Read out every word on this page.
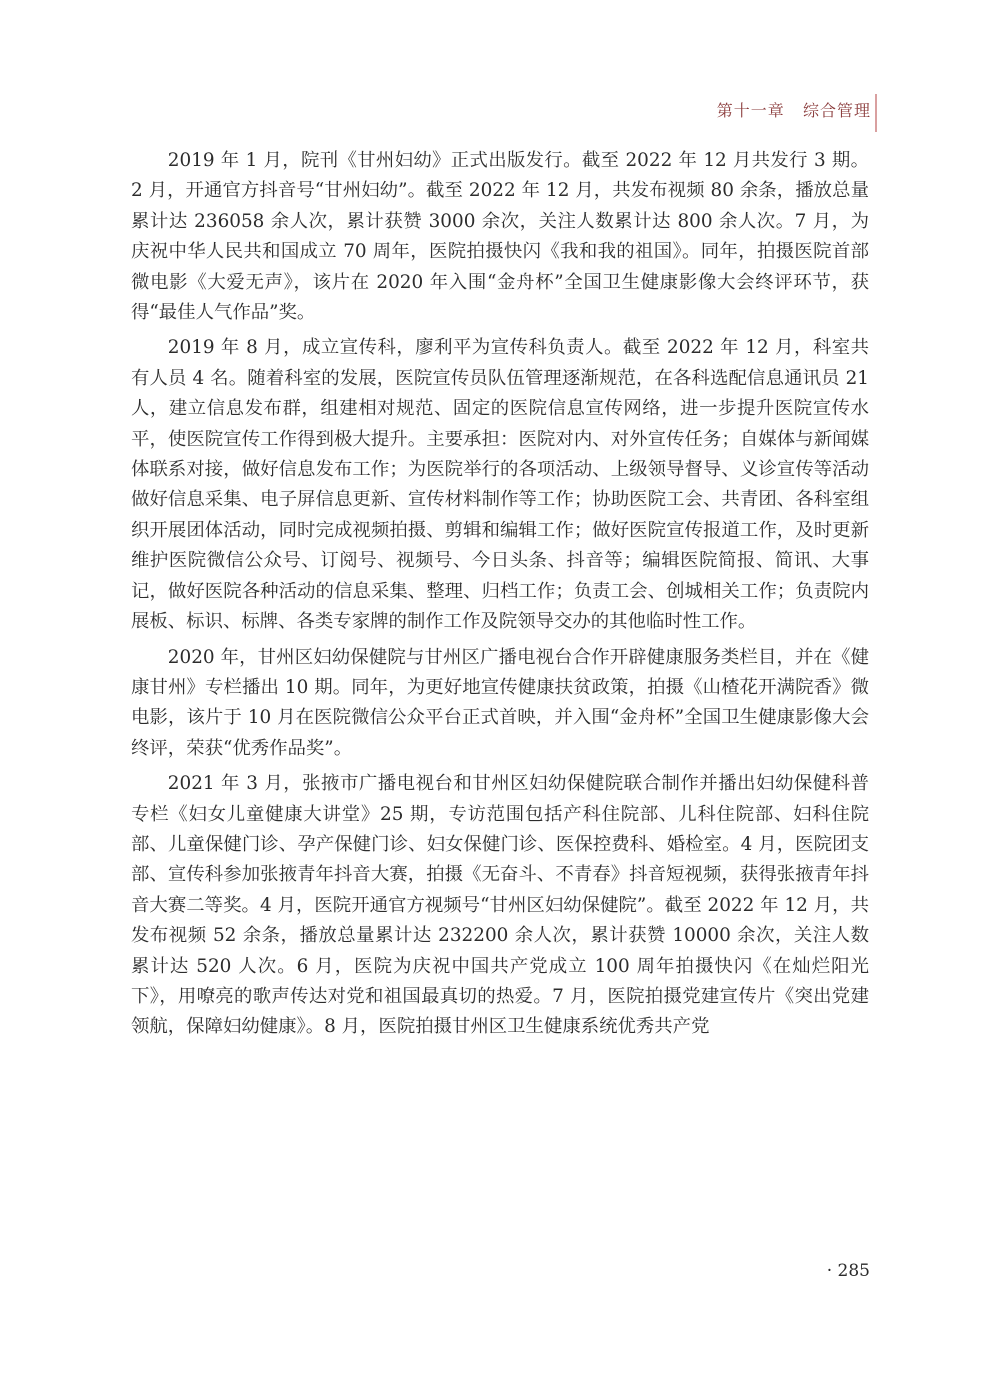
第十一章 综合管理

2019 年 1 月，院刊《甘州妇幼》正式出版发行。截至 2022 年 12 月共发行 3 期。2 月，开通官方抖音号“甘州妇幼”。截至 2022 年 12 月，共发布视频 80 余条，播放总量累计达 236058 余人次，累计获赞 3000 余次，关注人数累计达 800 余人次。7 月，为庆祝中华人民共和国成立 70 周年，医院拍摄快闪《我和我的祖国》。同年，拍摄医院首部微电影《大爱无声》，该片在 2020 年入围“金舟杯”全国卫生健康影像大会终评环节，获得“最佳人气作品”奖。

2019 年 8 月，成立宣传科，廖利平为宣传科负责人。截至 2022 年 12 月，科室共有人员 4 名。随着科室的发展，医院宣传员队伍管理逐渐规范，在各科选配信息通讯员 21 人，建立信息发布群，组建相对规范、固定的医院信息宣传网络，进一步提升医院宣传水平，使医院宣传工作得到极大提升。主要承担：医院对内、对外宣传任务；自媒体与新闻媒体联系对接，做好信息发布工作；为医院举行的各项活动、上级领导督导、义诊宣传等活动做好信息采集、电子屏信息更新、宣传材料制作等工作；协助医院工会、共青团、各科室组织开展团体活动，同时完成视频拍摄、剪辑和编辑工作；做好医院宣传报道工作，及时更新维护医院微信公众号、订阅号、视频号、今日头条、抖音等；编辑医院简报、简讯、大事记，做好医院各种活动的信息采集、整理、归档工作；负责工会、创城相关工作；负责院内展板、标识、标牌、各类专家牌的制作工作及院领导交办的其他临时性工作。

2020 年，甘州区妇幼保健院与甘州区广播电视台合作开辟健康服务类栏目，并在《健康甘州》专栏播出 10 期。同年，为更好地宣传健康扶贫政策，拍摄《山楂花开满院香》微电影，该片于 10 月在医院微信公众平台正式首映，并入围“金舟杯”全国卫生健康影像大会终评，荣获“优秀作品奖”。

2021 年 3 月，张掖市广播电视台和甘州区妇幼保健院联合制作并播出妇幼保健科普专栏《妇女儿童健康大讲堂》25 期，专访范围包括产科住院部、儿科住院部、妇科住院部、儿童保健门诊、孕产保健门诊、妇女保健门诊、医保控费科、婚检室。4 月，医院团支部、宣传科参加张掖青年抖音大赛，拍摄《无奋斗、不青春》抖音短视频，获得张掖青年抖音大赛二等奖。4 月，医院开通官方视频号“甘州区妇幼保健院”。截至 2022 年 12 月，共发布视频 52 余条，播放总量累计达 232200 余人次，累计获赞 10000 余次，关注人数累计达 520 人次。6 月，医院为庆祝中国共产党成立 100 周年拍摄快闪《在灿烂阳光下》，用嘹亮的歌声传达对党和祖国最真切的热爱。7 月，医院拍摄党建宣传片《突出党建领航，保障妇幼健康》。8 月，医院拍摄甘州区卫生健康系统优秀共产党

· 285
